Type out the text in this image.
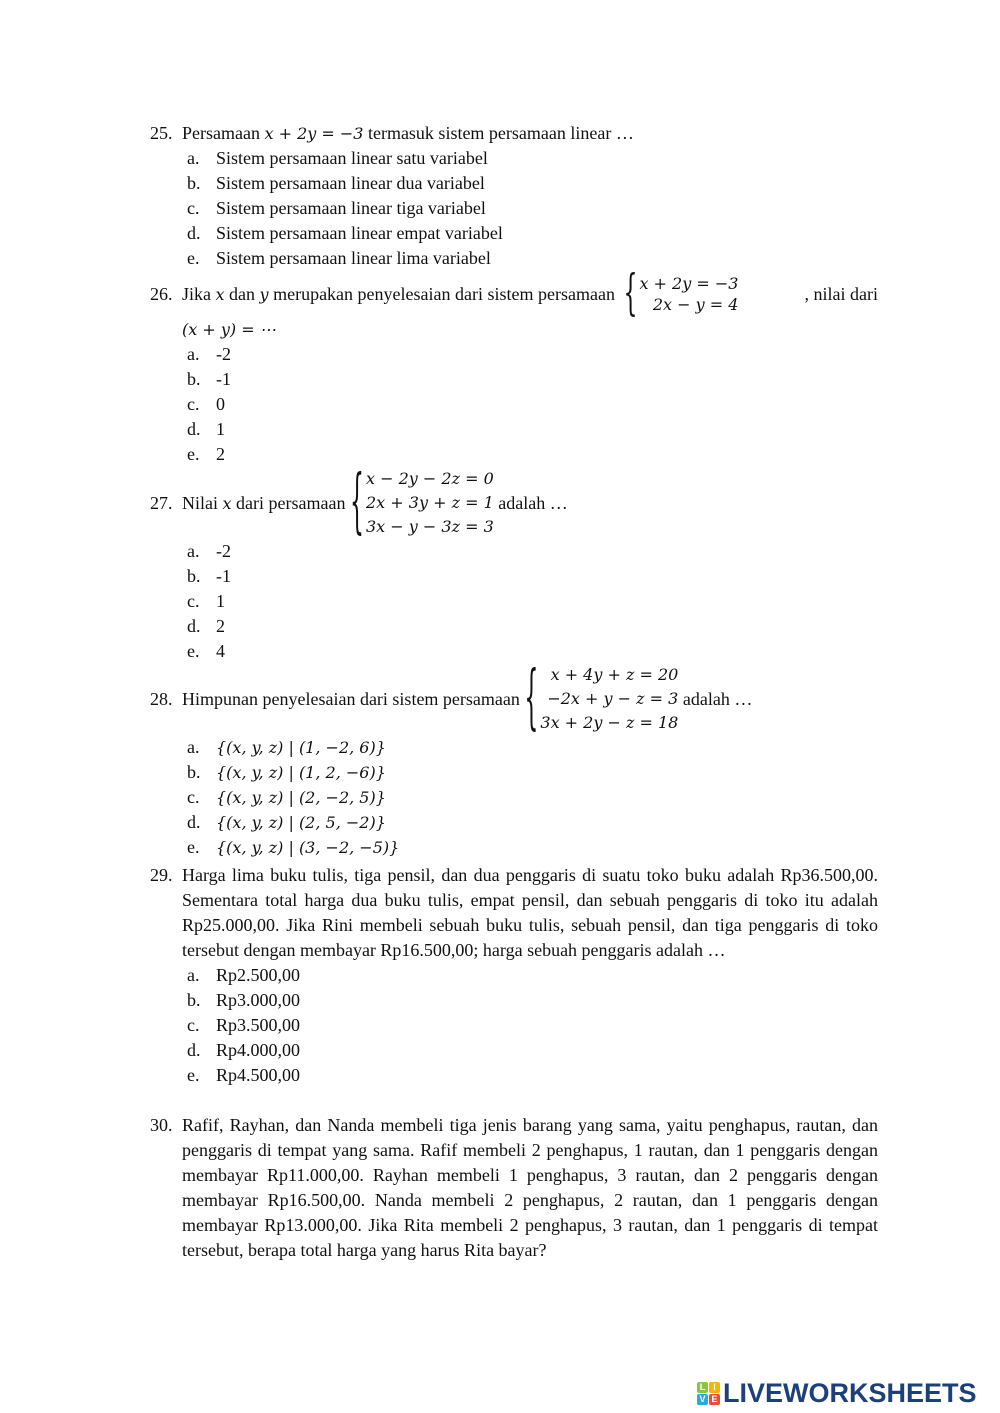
25. Persamaan x + 2y = −3 termasuk sistem persamaan linear …
a. Sistem persamaan linear satu variabel
b. Sistem persamaan linear dua variabel
c. Sistem persamaan linear tiga variabel
d. Sistem persamaan linear empat variabel
e. Sistem persamaan linear lima variabel
26. Jika x dan y merupakan penyelesaian dari sistem persamaan { x + 2y = −3
2x − y = 4
, nilai dari
(x + y) = ⋯
a. -2
b. -1
c. 0
d. 1
e. 2
27. Nilai x dari persamaan { x − 2y − 2z = 0
2x + 3y + z = 1
3x − y − 3z = 3
adalah …
a. -2
b. -1
c. 1
d. 2
e. 4
28. Himpunan penyelesaian dari sistem persamaan { x + 4y + z = 20
−2x + y − z = 3
3x + 2y − z = 18
adalah …
a.	{(x, y, z) | (1, −2, 6)}
b. {(x, y, z) | (1, 2, −6)}
c.	{(x, y, z) | (2, −2, 5)}
d. {(x, y, z) | (2, 5, −2)}
e.	{(x, y, z) | (3, −2, −5)}
29. Harga lima buku tulis, tiga pensil, dan dua penggaris di suatu toko buku adalah Rp36.500,00. Sementara total harga dua buku tulis, empat pensil, dan sebuah penggaris di toko itu adalah Rp25.000,00. Jika Rini membeli sebuah buku tulis, sebuah pensil, dan tiga penggaris di toko tersebut dengan membayar Rp16.500,00; harga sebuah penggaris adalah …
a. Rp2.500,00
b. Rp3.000,00
c. Rp3.500,00
d. Rp4.000,00
e. Rp4.500,00
30. Rafif, Rayhan, dan Nanda membeli tiga jenis barang yang sama, yaitu penghapus, rautan, dan penggaris di tempat yang sama. Rafif membeli 2 penghapus, 1 rautan, dan 1 penggaris dengan membayar Rp11.000,00. Rayhan membeli 1 penghapus, 3 rautan, dan 2 penggaris dengan membayar Rp16.500,00. Nanda membeli 2 penghapus, 2 rautan, dan 1 penggaris dengan membayar Rp13.000,00. Jika Rita membeli 2 penghapus, 3 rautan, dan 1 penggaris di tempat tersebut, berapa total harga yang harus Rita bayar?
L I
V E LIVEWORKSHEETS
